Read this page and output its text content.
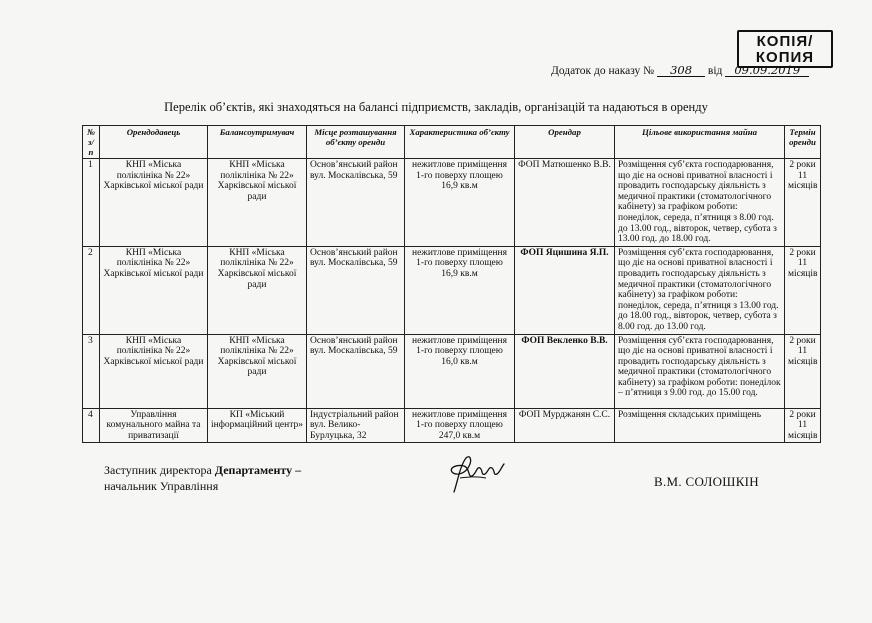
КОПІЯ/
КОПИЯ
Додаток до наказу № 308 від 09.09.2019
Перелік об’єктів, які знаходяться на балансі підприємств, закладів, організацій та надаються в оренду
№ з/п	Орендодавець	Балансоутримувач	Місце розташування об’єкту оренди	Характеристика об’єкту	Орендар	Цільове використання майна	Термін оренди
1	КНП «Міська поліклініка № 22» Харківської міської ради	КНП «Міська поліклініка № 22» Харківської міської ради	Основ’янський район вул. Москалівська, 59	нежитлове приміщення 1-го поверху площею 16,9 кв.м	ФОП Матюшенко В.В.	Розміщення суб’єкта господарювання, що діє на основі приватної власності і провадить господарську діяльність з медичної практики (стоматологічного кабінету) за графіком роботи: понеділок, середа, п’ятниця з 8.00 год. до 13.00 год., вівторок, четвер, субота з 13.00 год. до 18.00 год.	2 роки 11 місяців
2	КНП «Міська поліклініка № 22» Харківської міської ради	КНП «Міська поліклініка № 22» Харківської міської ради	Основ’янський район вул. Москалівська, 59	нежитлове приміщення 1-го поверху площею 16,9 кв.м	ФОП Яцишина Я.П.	Розміщення суб’єкта господарювання, що діє на основі приватної власності і провадить господарську діяльність з медичної практики (стоматологічного кабінету) за графіком роботи: понеділок, середа, п’ятниця з 13.00 год. до 18.00 год., вівторок, четвер, субота з 8.00 год. до 13.00 год.	2 роки 11 місяців
3	КНП «Міська поліклініка № 22» Харківської міської ради	КНП «Міська поліклініка № 22» Харківської міської ради	Основ’янський район вул. Москалівська, 59	нежитлове приміщення 1-го поверху площею 16,0 кв.м	ФОП Векленко В.В.	Розміщення суб’єкта господарювання, що діє на основі приватної власності і провадить господарську діяльність з медичної практики (стоматологічного кабінету) за графіком роботи: понеділок – п’ятниця з 9.00 год. до 15.00 год.	2 роки 11 місяців
4	Управління комунального майна та приватизації	КП «Міський інформаційний центр»	Індустріальний район вул. Велико-Бурлуцька, 32	нежитлове приміщення 1-го поверху площею 247,0 кв.м	ФОП Мурджанян С.С.	Розміщення складських приміщень	2 роки 11 місяців
Заступник директора Департаменту –
начальник Управління	В.М. СОЛОШКІН
